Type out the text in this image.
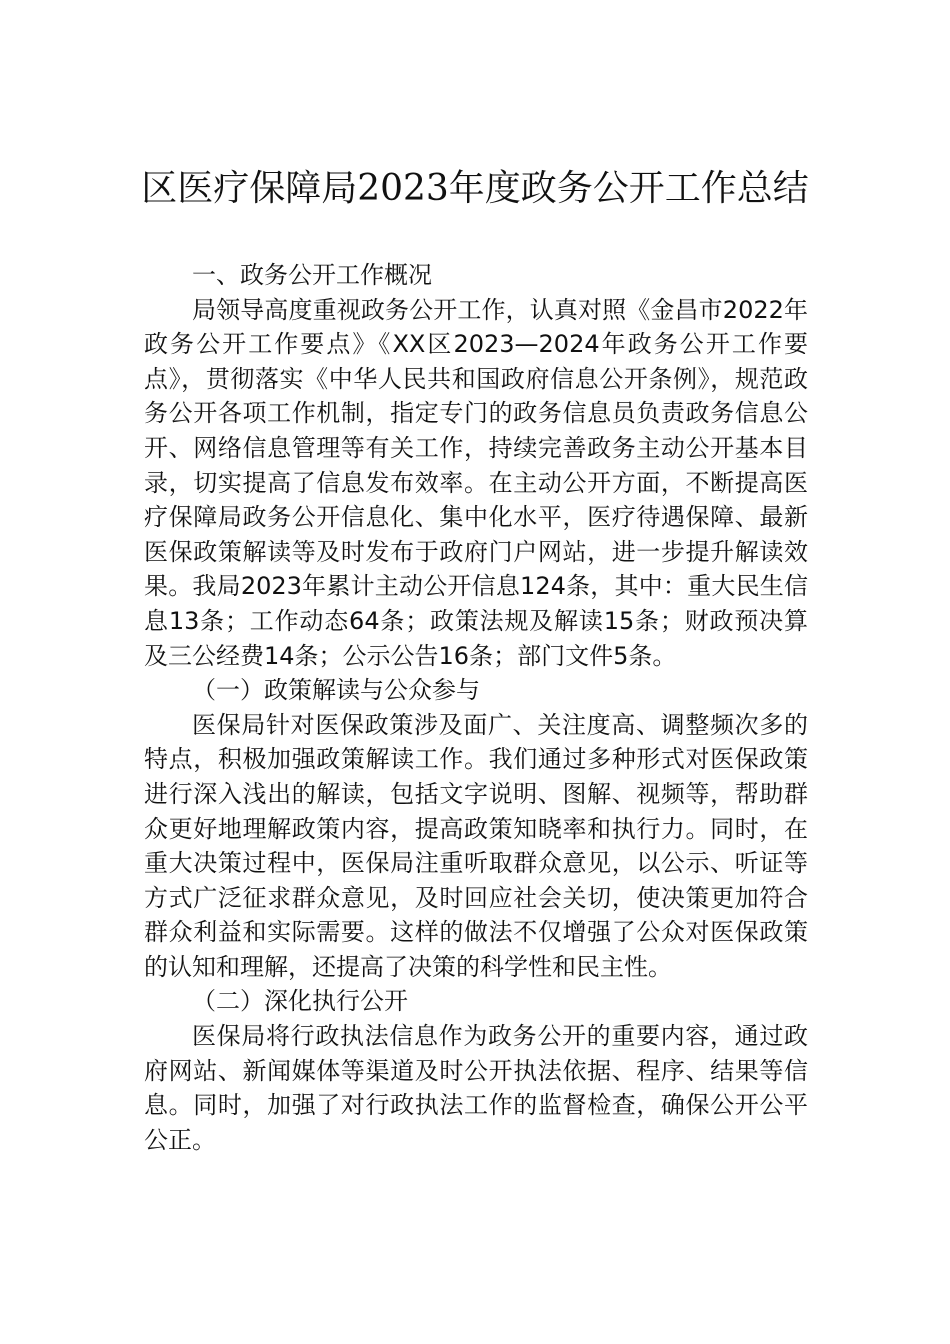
区医疗保障局2023年度政务公开工作总结

一、政务公开工作概况

局领导高度重视政务公开工作，认真对照《金昌市2022年政务公开工作要点》《XX区2023—2024年政务公开工作要点》，贯彻落实《中华人民共和国政府信息公开条例》，规范政务公开各项工作机制，指定专门的政务信息员负责政务信息公开、网络信息管理等有关工作，持续完善政务主动公开基本目录，切实提高了信息发布效率。在主动公开方面，不断提高医疗保障局政务公开信息化、集中化水平，医疗待遇保障、最新医保政策解读等及时发布于政府门户网站，进一步提升解读效果。我局2023年累计主动公开信息124条，其中：重大民生信息13条；工作动态64条；政策法规及解读15条；财政预决算及三公经费14条；公示公告16条；部门文件5条。

（一）政策解读与公众参与

医保局针对医保政策涉及面广、关注度高、调整频次多的特点，积极加强政策解读工作。我们通过多种形式对医保政策进行深入浅出的解读，包括文字说明、图解、视频等，帮助群众更好地理解政策内容，提高政策知晓率和执行力。同时，在重大决策过程中，医保局注重听取群众意见，以公示、听证等方式广泛征求群众意见，及时回应社会关切，使决策更加符合群众利益和实际需要。这样的做法不仅增强了公众对医保政策的认知和理解，还提高了决策的科学性和民主性。

（二）深化执行公开

医保局将行政执法信息作为政务公开的重要内容，通过政府网站、新闻媒体等渠道及时公开执法依据、程序、结果等信息。同时，加强了对行政执法工作的监督检查，确保公开公平公正。
